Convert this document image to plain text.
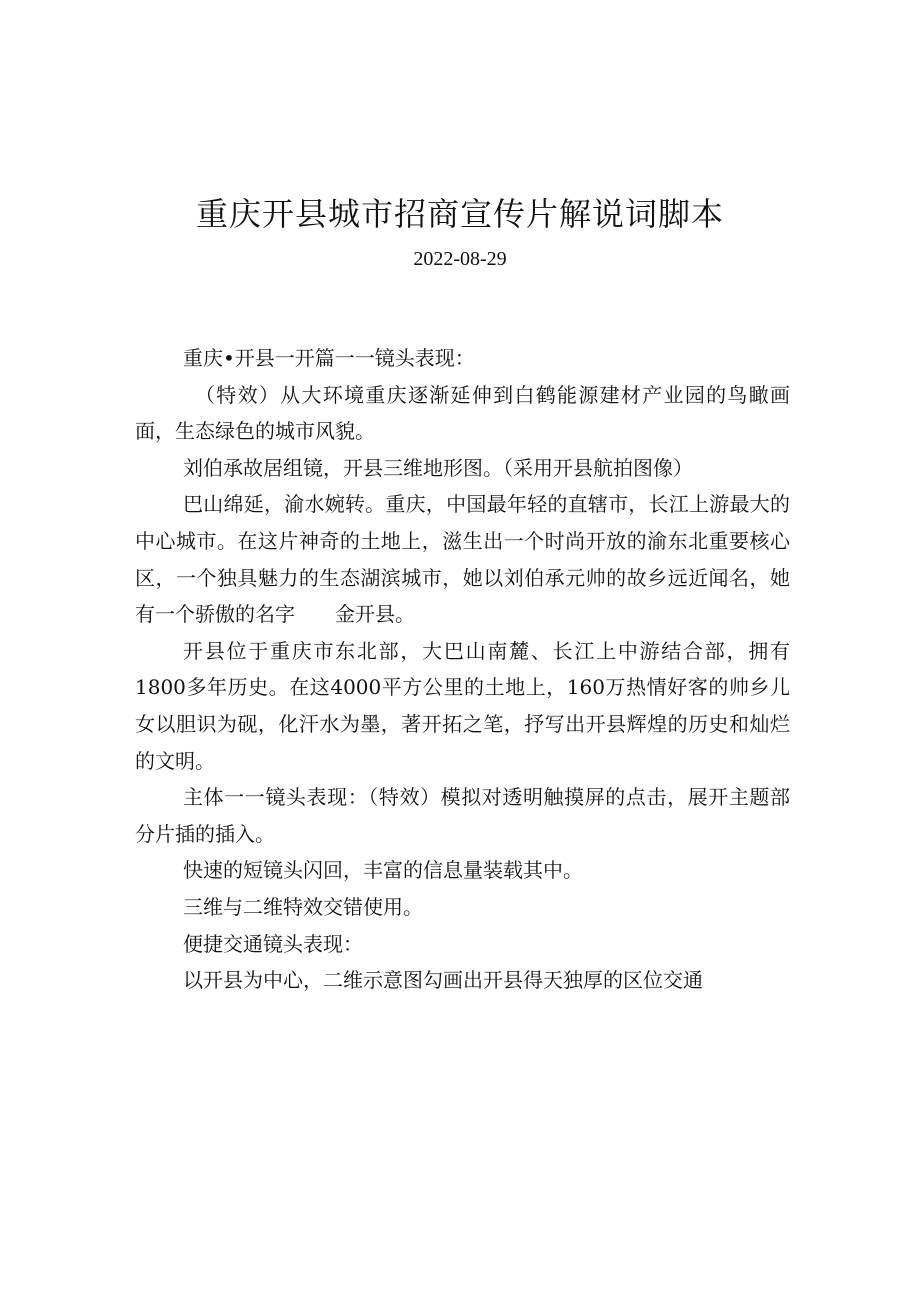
重庆开县城市招商宣传片解说词脚本
2022-08-29

重庆•开县一开篇一一镜头表现：

（特效）从大环境重庆逐渐延伸到白鹤能源建材产业园的鸟瞰画面，生态绿色的城市风貌。

刘伯承故居组镜，开县三维地形图。（采用开县航拍图像）

巴山绵延，渝水婉转。重庆，中国最年轻的直辖市，长江上游最大的中心城市。在这片神奇的土地上，滋生出一个时尚开放的渝东北重要核心区，一个独具魅力的生态湖滨城市，她以刘伯承元帅的故乡远近闻名，她有一个骄傲的名字　　金开县。

开县位于重庆市东北部，大巴山南麓、长江上中游结合部，拥有1800多年历史。在这4000平方公里的土地上，160万热情好客的帅乡儿女以胆识为砚，化汗水为墨，著开拓之笔，抒写出开县辉煌的历史和灿烂的文明。

主体一一镜头表现：（特效）模拟对透明触摸屏的点击，展开主题部分片插的插入。

快速的短镜头闪回，丰富的信息量装载其中。

三维与二维特效交错使用。

便捷交通镜头表现：

以开县为中心，二维示意图勾画出开县得天独厚的区位交通
